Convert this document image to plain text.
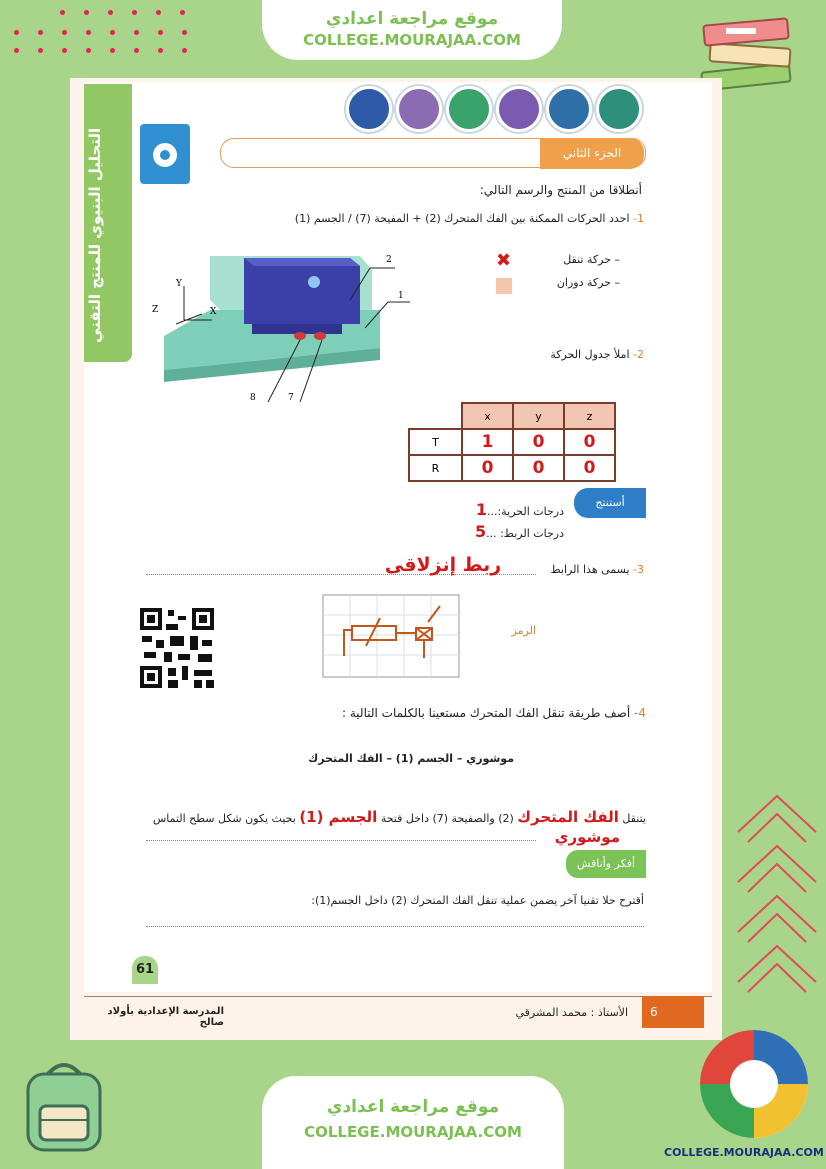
موقع مراجعة اعدادي
COLLEGE.MOURAJAA.COM
التحليل البنيوي للمنتج التقني	الجزء الثاني
أنطلاقا من المنتج والرسم التالي:
1- احدد الحركات الممكنة بين الفك المتحرك (2) + المفيحة (7) / الجسم (1)
– حركة تنقل
✖
– حركة دوران
2
1
8	7
Y
Z	X
2- املأ جدول الحركة
	x	y	z
T	1	0	0
R	0	0	0
أستنتج
درجات الحرية:...1
درجات الربط: ...5
3- يسمى هذا الرابط
ربط إنزلاقى
الرمز
4- أصف طريقة تنقل الفك المتحرك مستعينا بالكلمات التالية :
موشوري – الجسم (1) – الفك المتحرك
يتنقل الفك المتحرك (2) والصفيحة (7) داخل فتحة الجسم (1) بحيث يكون شكل سطح التماس
موشوري
أفكر وأناقش
أقترح حلا تقنيا آخر يضمن عملية تنقل الفك المتحرك (2) داخل الجسم(1):
61
6
الأستاذ : محمد المشرقي
المدرسة الإعدادية بأولاد صالح
موقع مراجعة اعدادي
COLLEGE.MOURAJAA.COM
COLLEGE.MOURAJAA.COM
